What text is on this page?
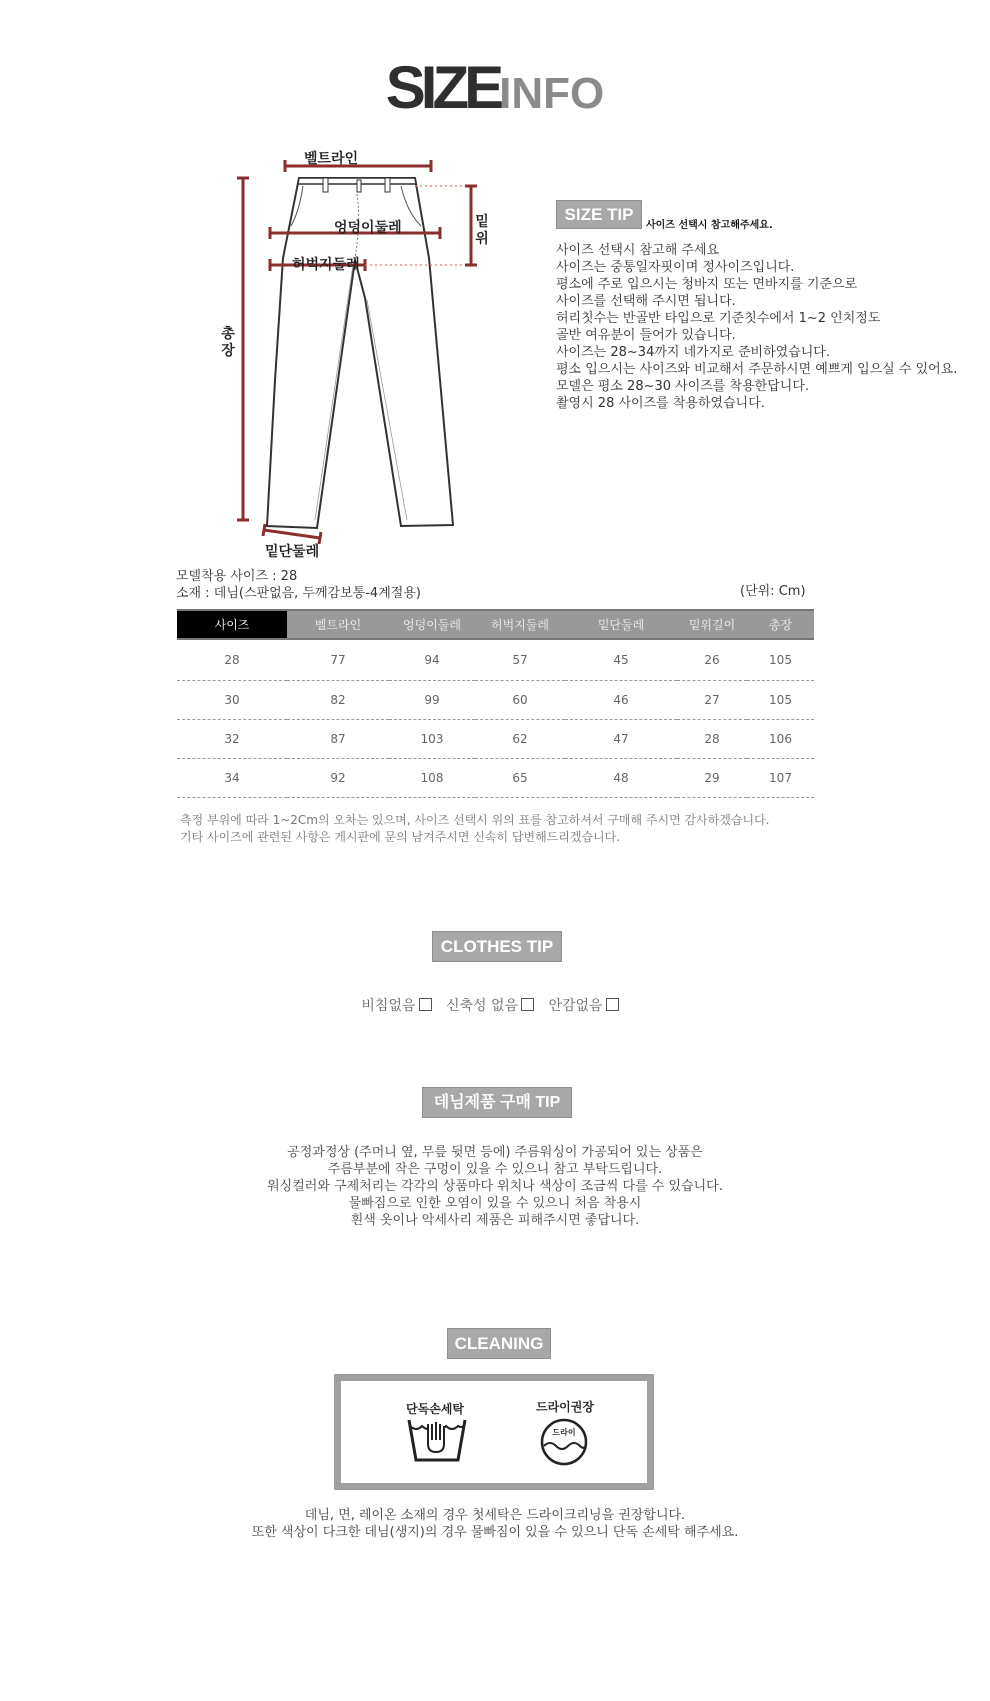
SIZEINFO
벨트라인
엉덩이둘레
허벅지둘레
밑위
총장
밑단둘레
SIZE TIP
사이즈 선택시 참고해주세요.
사이즈 선택시 참고해 주세요
사이즈는 중통일자핏이며 정사이즈입니다.
평소에 주로 입으시는 청바지 또는 면바지를 기준으로
사이즈를 선택해 주시면 됩니다.
허리칫수는 반골반 타입으로 기준칫수에서 1~2 인치정도
골반 여유분이 들어가 있습니다.
사이즈는 28~34까지 네가지로 준비하였습니다.
평소 입으시는 사이즈와 비교해서 주문하시면 예쁘게 입으실 수 있어요.
모델은 평소 28~30 사이즈를 착용한답니다.
촬영시 28 사이즈를 착용하였습니다.
모델착용 사이즈 : 28
소재 : 데님(스판없음, 두께감보통-4계절용)	(단위: Cm)
사이즈	벨트라인	엉덩이둘레	허벅지둘레	밑단둘레	밑위길이	총장
28	77	94	57	45	26	105
30	82	99	60	46	27	105
32	87	103	62	47	28	106
34	92	108	65	48	29	107
측정 부위에 따라 1~2Cm의 오차는 있으며, 사이즈 선택시 위의 표를 참고하셔서 구매해 주시면 감사하겠습니다.
기타 사이즈에 관련된 사항은 게시판에 문의 남겨주시면 신속히 답변해드리겠습니다.
CLOTHES TIP
비침없음 신축성 없음 안감없음
데님제품 구매 TIP
공정과정상 (주머니 옆, 무릎 뒷면 등에) 주름워싱이 가공되어 있는 상품은
주름부분에 작은 구멍이 있을 수 있으니 참고 부탁드립니다.
워싱컬러와 구제처리는 각각의 상품마다 위치나 색상이 조금씩 다를 수 있습니다.
물빠짐으로 인한 오염이 있을 수 있으니 처음 착용시
흰색 옷이나 악세사리 제품은 피해주시면 좋답니다.
CLEANING
단독손세탁	드라이권장
드라이
데님, 면, 레이온 소재의 경우 첫세탁은 드라이크리닝을 권장합니다.
또한 색상이 다크한 데님(생지)의 경우 물빠짐이 있을 수 있으니 단독 손세탁 해주세요.
